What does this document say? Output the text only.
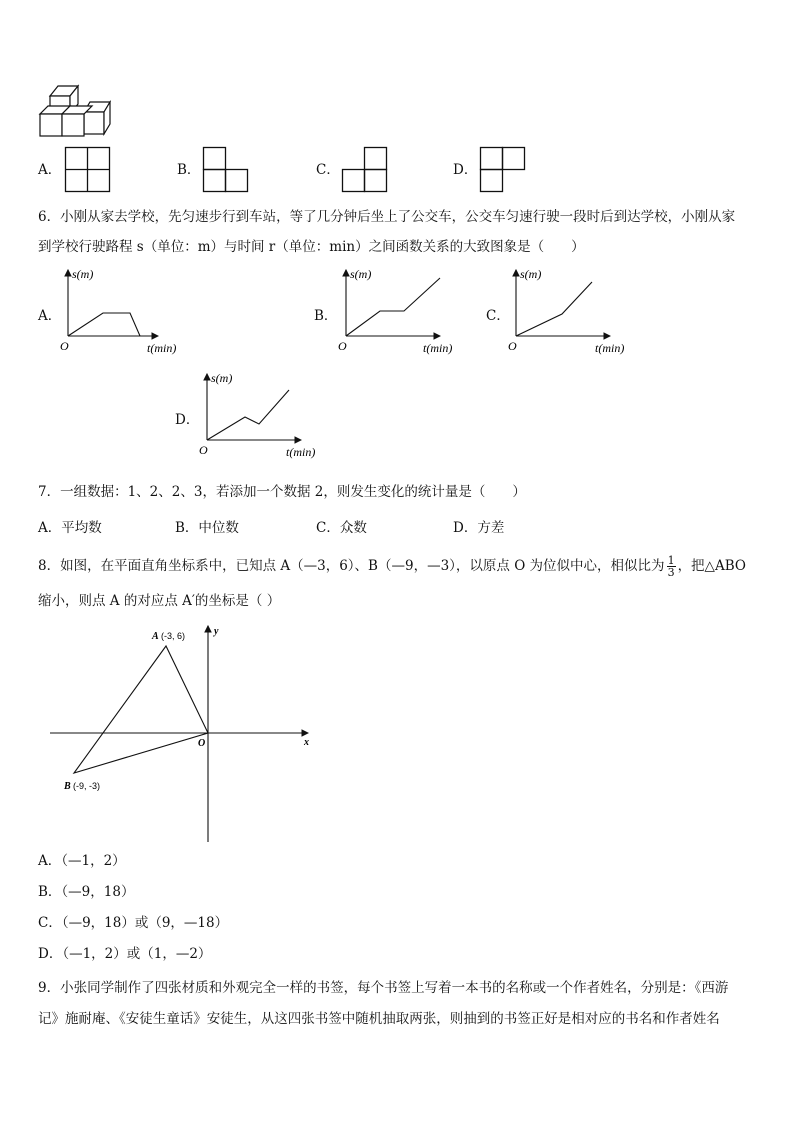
A．	B．	C．	D．
6．小刚从家去学校，先匀速步行到车站，等了几分钟后坐上了公交车，公交车匀速行驶一段时后到达学校，小刚从家
到学校行驶路程 s（单位：m）与时间 r（单位：min）之间函数关系的大致图象是（　　）
A．
s(m)
t(min)
O
B．
s(m)
t(min)
O
C．
s(m)
t(min)
O
D．
s(m)
t(min)
O
7．一组数据：1、2、2、3，若添加一个数据 2，则发生变化的统计量是（　　）
A．平均数	B．中位数	C．众数	D．方差
8．如图，在平面直角坐标系中，已知点 A（—3，6）、B（—9，—3），以原点 O 为位似中心，相似比为 $\frac{1}{3}$ ，把△ABO
缩小，则点 A 的对应点 A′的坐标是（ ）
A (-3, 6)
B (-9, -3)
O	x
y
A．（—1，2）
B．（—9，18）
C．（—9，18）或（9，—18）
D．（—1，2）或（1，—2）
9．小张同学制作了四张材质和外观完全一样的书签，每个书签上写着一本书的名称或一个作者姓名，分别是：《西游
记》施耐庵、《安徒生童话》安徒生，从这四张书签中随机抽取两张，则抽到的书签正好是相对应的书名和作者姓名
